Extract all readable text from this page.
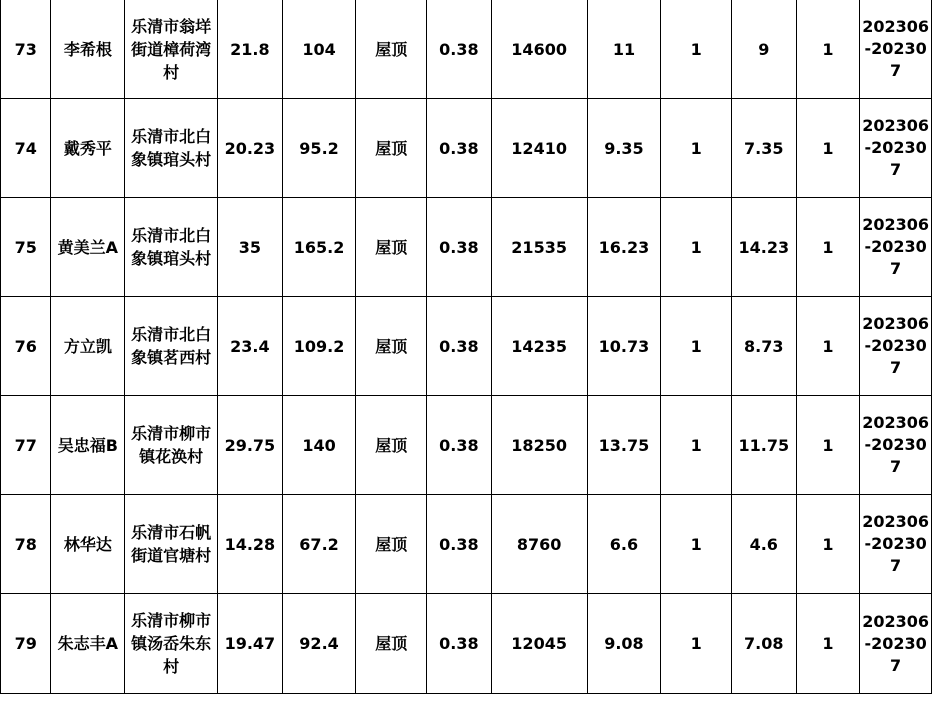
73	李希根	乐清市翁垟街道樟荷湾村	21.8	104	屋顶	0.38	14600	11	1	9	1	202306-202307
74	戴秀平	乐清市北白象镇琯头村	20.23	95.2	屋顶	0.38	12410	9.35	1	7.35	1	202306-202307
75	黄美兰A	乐清市北白象镇琯头村	35	165.2	屋顶	0.38	21535	16.23	1	14.23	1	202306-202307
76	方立凯	乐清市北白象镇茗西村	23.4	109.2	屋顶	0.38	14235	10.73	1	8.73	1	202306-202307
77	吴忠福B	乐清市柳市镇花涣村	29.75	140	屋顶	0.38	18250	13.75	1	11.75	1	202306-202307
78	林华达	乐清市石帆街道官塘村	14.28	67.2	屋顶	0.38	8760	6.6	1	4.6	1	202306-202307
79	朱志丰A	乐清市柳市镇汤岙朱东村	19.47	92.4	屋顶	0.38	12045	9.08	1	7.08	1	202306-202307
